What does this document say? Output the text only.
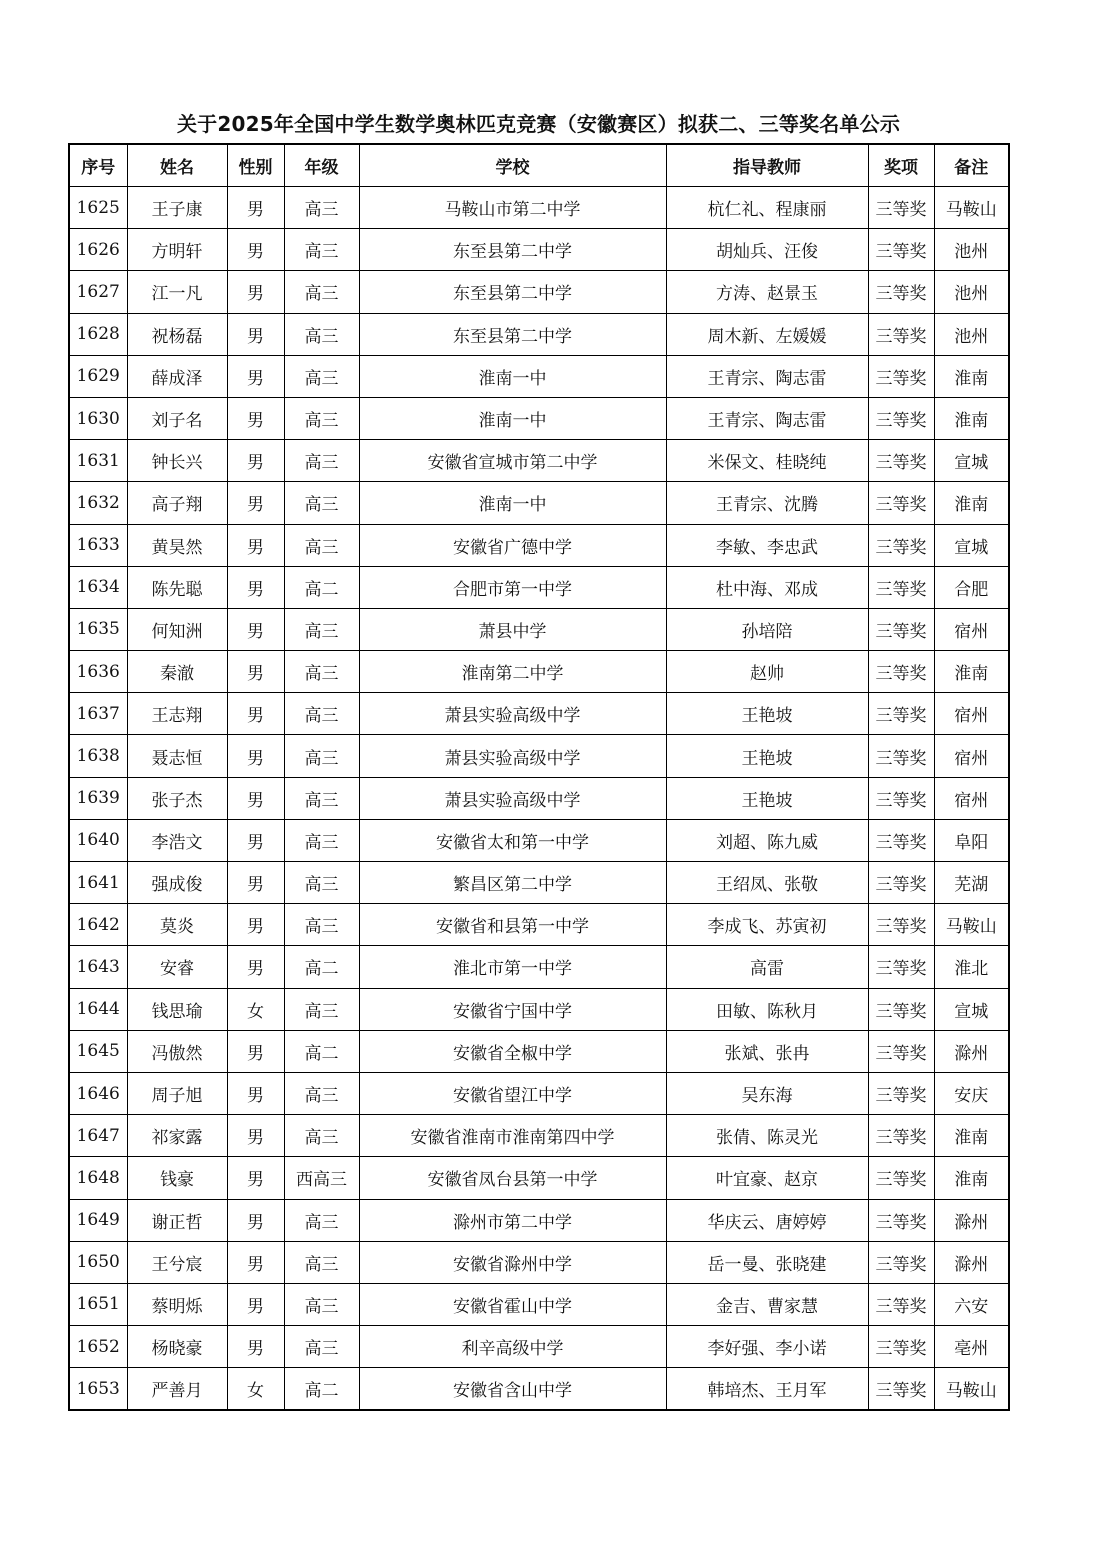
关于2025年全国中学生数学奥林匹克竞赛（安徽赛区）拟获二、三等奖名单公示
序号	姓名	性别	年级	学校	指导教师	奖项	备注
1625	王子康	男	高三	马鞍山市第二中学	杭仁礼、程康丽	三等奖	马鞍山
1626	方明轩	男	高三	东至县第二中学	胡灿兵、汪俊	三等奖	池州
1627	江一凡	男	高三	东至县第二中学	方涛、赵景玉	三等奖	池州
1628	祝杨磊	男	高三	东至县第二中学	周木新、左媛媛	三等奖	池州
1629	薛成泽	男	高三	淮南一中	王青宗、陶志雷	三等奖	淮南
1630	刘子名	男	高三	淮南一中	王青宗、陶志雷	三等奖	淮南
1631	钟长兴	男	高三	安徽省宣城市第二中学	米保文、桂晓纯	三等奖	宣城
1632	高子翔	男	高三	淮南一中	王青宗、沈腾	三等奖	淮南
1633	黄昊然	男	高三	安徽省广德中学	李敏、李忠武	三等奖	宣城
1634	陈先聪	男	高二	合肥市第一中学	杜中海、邓成	三等奖	合肥
1635	何知洲	男	高三	萧县中学	孙培陪	三等奖	宿州
1636	秦澈	男	高三	淮南第二中学	赵帅	三等奖	淮南
1637	王志翔	男	高三	萧县实验高级中学	王艳坡	三等奖	宿州
1638	聂志恒	男	高三	萧县实验高级中学	王艳坡	三等奖	宿州
1639	张子杰	男	高三	萧县实验高级中学	王艳坡	三等奖	宿州
1640	李浩文	男	高三	安徽省太和第一中学	刘超、陈九威	三等奖	阜阳
1641	强成俊	男	高三	繁昌区第二中学	王绍凤、张敬	三等奖	芜湖
1642	莫炎	男	高三	安徽省和县第一中学	李成飞、苏寅初	三等奖	马鞍山
1643	安睿	男	高二	淮北市第一中学	高雷	三等奖	淮北
1644	钱思瑜	女	高三	安徽省宁国中学	田敏、陈秋月	三等奖	宣城
1645	冯傲然	男	高二	安徽省全椒中学	张斌、张冉	三等奖	滁州
1646	周子旭	男	高三	安徽省望江中学	吴东海	三等奖	安庆
1647	祁家露	男	高三	安徽省淮南市淮南第四中学	张倩、陈灵光	三等奖	淮南
1648	钱豪	男	西高三	安徽省凤台县第一中学	叶宜豪、赵京	三等奖	淮南
1649	谢正哲	男	高三	滁州市第二中学	华庆云、唐婷婷	三等奖	滁州
1650	王兮宸	男	高三	安徽省滁州中学	岳一曼、张晓建	三等奖	滁州
1651	蔡明烁	男	高三	安徽省霍山中学	金吉、曹家慧	三等奖	六安
1652	杨晓豪	男	高三	利辛高级中学	李好强、李小诺	三等奖	亳州
1653	严善月	女	高二	安徽省含山中学	韩培杰、王月军	三等奖	马鞍山
